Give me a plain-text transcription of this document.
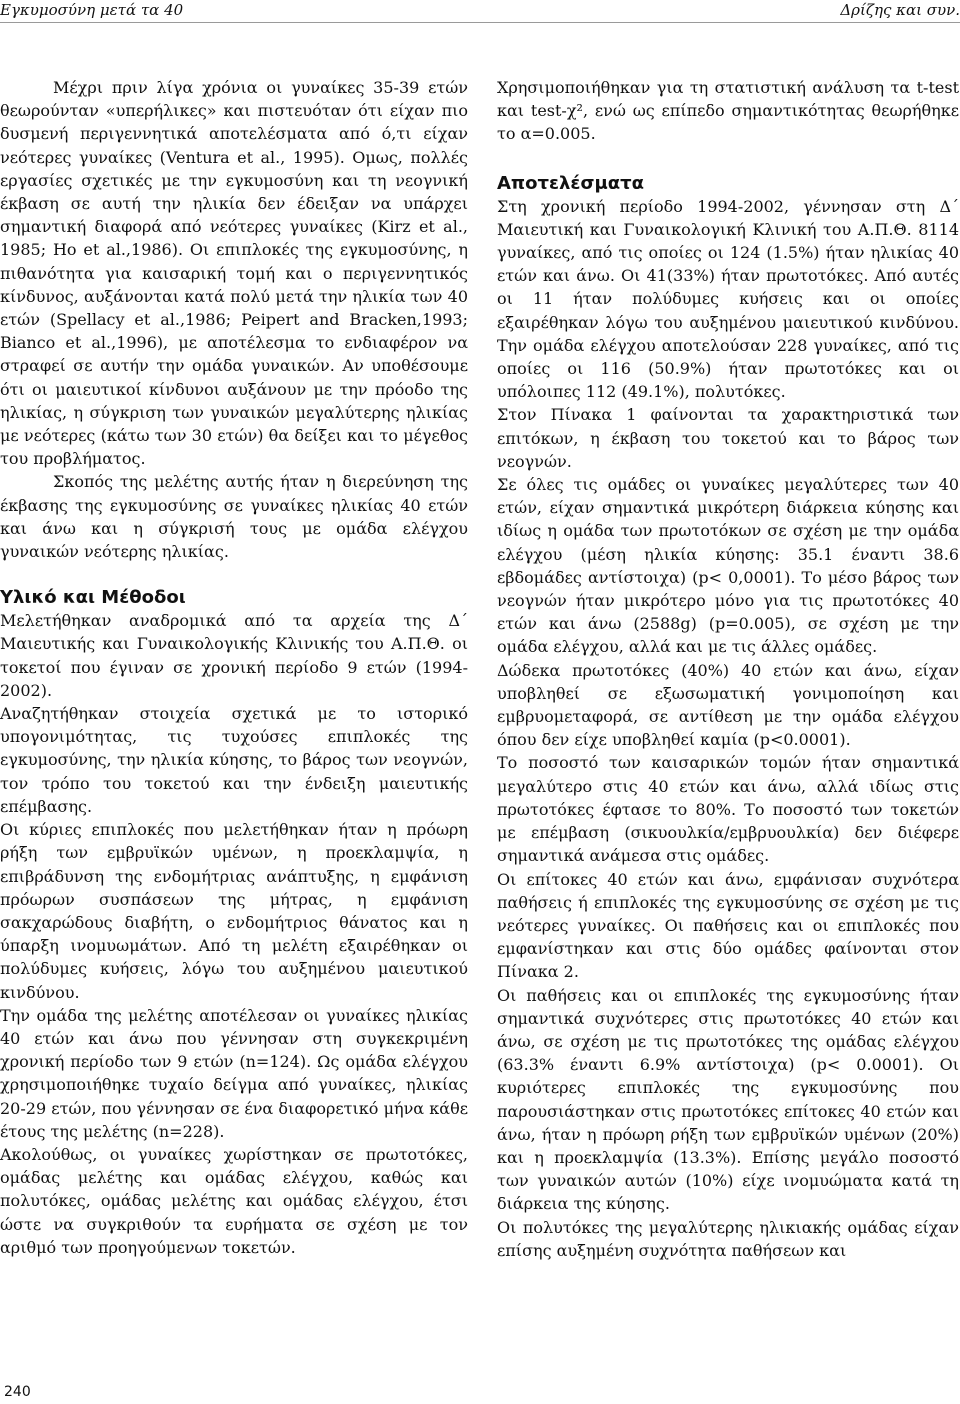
Εγκυμοσύνη μετά τα 40	Δρίζης και συν.

Μέχρι πριν λίγα χρόνια οι γυναίκες 35-39 ετών θεωρούνταν «υπερήλικες» και πιστευόταν ότι είχαν πιο δυσμενή περιγεννητικά αποτελέσματα από ό,τι είχαν νεότερες γυναίκες (Ventura et al., 1995). Ομως, πολλές εργασίες σχετικές με την εγκυμοσύνη και τη νεογνική έκβαση σε αυτή την ηλικία δεν έδειξαν να υπάρχει σημαντική διαφορά από νεότερες γυναίκες (Kirz et al., 1985; Ho et al.,1986). Οι επιπλοκές της εγκυμοσύνης, η πιθανότητα για καισαρική τομή και ο περιγεννητικός κίνδυνος, αυξάνονται κατά πολύ μετά την ηλικία των 40 ετών (Spellacy et al.,1986; Peipert and Bracken,1993; Bianco et al.,1996), με αποτέλεσμα το ενδιαφέρον να στραφεί σε αυτήν την ομάδα γυναικών. Αν υποθέσουμε ότι οι μαιευτικοί κίνδυνοι αυξάνουν με την πρόοδο της ηλικίας, η σύγκριση των γυναικών μεγαλύτερης ηλικίας με νεότερες (κάτω των 30 ετών) θα δείξει και το μέγεθος του προβλήματος.

Σκοπός της μελέτης αυτής ήταν η διερεύνηση της έκβασης της εγκυμοσύνης σε γυναίκες ηλικίας 40 ετών και άνω και η σύγκρισή τους με ομάδα ελέγχου γυναικών νεότερης ηλικίας.

Υλικό και Μέθοδοι

Μελετήθηκαν αναδρομικά από τα αρχεία της Δ΄ Μαιευτικής και Γυναικολογικής Κλινικής του Α.Π.Θ. οι τοκετοί που έγιναν σε χρονική περίοδο 9 ετών (1994-2002).

Αναζητήθηκαν στοιχεία σχετικά με το ιστορικό υπογονιμότητας, τις τυχούσες επιπλοκές της εγκυμοσύνης, την ηλικία κύησης, το βάρος των νεογνών, τον τρόπο του τοκετού και την ένδειξη μαιευτικής επέμβασης.

Οι κύριες επιπλοκές που μελετήθηκαν ήταν η πρόωρη ρήξη των εμβρυϊκών υμένων, η προεκλαμψία, η επιβράδυνση της ενδομήτριας ανάπτυξης, η εμφάνιση πρόωρων συσπάσεων της μήτρας, η εμφάνιση σακχαρώδους διαβήτη, ο ενδομήτριος θάνατος και η ύπαρξη ινομυωμάτων. Από τη μελέτη εξαιρέθηκαν οι πολύδυμες κυήσεις, λόγω του αυξημένου μαιευτικού κινδύνου.

Την ομάδα της μελέτης αποτέλεσαν οι γυναίκες ηλικίας 40 ετών και άνω που γέννησαν στη συγκεκριμένη χρονική περίοδο των 9 ετών (n=124). Ως ομάδα ελέγχου χρησιμοποιήθηκε τυχαίο δείγμα από γυναίκες, ηλικίας 20-29 ετών, που γέννησαν σε ένα διαφορετικό μήνα κάθε έτους της μελέτης (n=228).

Ακολούθως, οι γυναίκες χωρίστηκαν σε πρωτοτόκες, ομάδας μελέτης και ομάδας ελέγχου, καθώς και πολυτόκες, ομάδας μελέτης και ομάδας ελέγχου, έτσι ώστε να συγκριθούν τα ευρήματα σε σχέση με τον αριθμό των προηγούμενων τοκετών.

Χρησιμοποιήθηκαν για τη στατιστική ανάλυση τα t-test και test-χ², ενώ ως επίπεδο σημαντικότητας θεωρήθηκε το α=0.005.

Αποτελέσματα

Στη χρονική περίοδο 1994-2002, γέννησαν στη Δ΄ Μαιευτική και Γυναικολογική Κλινική του Α.Π.Θ. 8114 γυναίκες, από τις οποίες οι 124 (1.5%) ήταν ηλικίας 40 ετών και άνω. Οι 41(33%) ήταν πρωτοτόκες. Από αυτές οι 11 ήταν πολύδυμες κυήσεις και οι οποίες εξαιρέθηκαν λόγω του αυξημένου μαιευτικού κινδύνου. Την ομάδα ελέγχου αποτελούσαν 228 γυναίκες, από τις οποίες οι 116 (50.9%) ήταν πρωτοτόκες και οι υπόλοιπες 112 (49.1%), πολυτόκες.

Στον Πίνακα 1 φαίνονται τα χαρακτηριστικά των επιτόκων, η έκβαση του τοκετού και το βάρος των νεογνών.

Σε όλες τις ομάδες οι γυναίκες μεγαλύτερες των 40 ετών, είχαν σημαντικά μικρότερη διάρκεια κύησης και ιδίως η ομάδα των πρωτοτόκων σε σχέση με την ομάδα ελέγχου (μέση ηλικία κύησης: 35.1 έναντι 38.6 εβδομάδες αντίστοιχα) (p< 0,0001). Το μέσο βάρος των νεογνών ήταν μικρότερο μόνο για τις πρωτοτόκες 40 ετών και άνω (2588g) (p=0.005), σε σχέση με την ομάδα ελέγχου, αλλά και με τις άλλες ομάδες.

Δώδεκα πρωτοτόκες (40%) 40 ετών και άνω, είχαν υποβληθεί σε εξωσωματική γονιμοποίηση και εμβρυομεταφορά, σε αντίθεση με την ομάδα ελέγχου όπου δεν είχε υποβληθεί καμία (p<0.0001).

Το ποσοστό των καισαρικών τομών ήταν σημαντικά μεγαλύτερο στις 40 ετών και άνω, αλλά ιδίως στις πρωτοτόκες έφτασε το 80%. Το ποσοστό των τοκετών με επέμβαση (σικυουλκία/εμβρυουλκία) δεν διέφερε σημαντικά ανάμεσα στις ομάδες.

Οι επίτοκες 40 ετών και άνω, εμφάνισαν συχνότερα παθήσεις ή επιπλοκές της εγκυμοσύνης σε σχέση με τις νεότερες γυναίκες. Οι παθήσεις και οι επιπλοκές που εμφανίστηκαν και στις δύο ομάδες φαίνονται στον Πίνακα 2.

Οι παθήσεις και οι επιπλοκές της εγκυμοσύνης ήταν σημαντικά συχνότερες στις πρωτοτόκες 40 ετών και άνω, σε σχέση με τις πρωτοτόκες της ομάδας ελέγχου (63.3% έναντι 6.9% αντίστοιχα) (p< 0.0001). Οι κυριότερες επιπλοκές της εγκυμοσύνης που παρουσιάστηκαν στις πρωτοτόκες επίτοκες 40 ετών και άνω, ήταν η πρόωρη ρήξη των εμβρυϊκών υμένων (20%) και η προεκλαμψία (13.3%). Επίσης μεγάλο ποσοστό των γυναικών αυτών (10%) είχε ινομυώματα κατά τη διάρκεια της κύησης.

Οι πολυτόκες της μεγαλύτερης ηλικιακής ομάδας είχαν επίσης αυξημένη συχνότητα παθήσεων και

240
